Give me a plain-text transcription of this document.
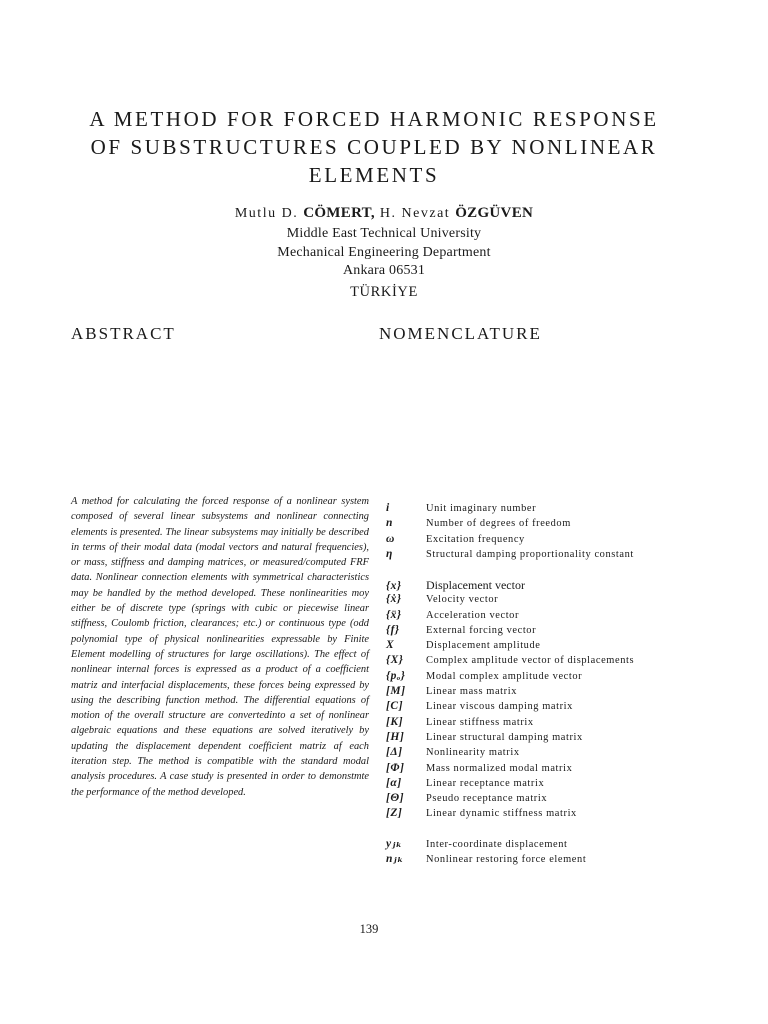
A METHOD FOR FORCED HARMONIC RESPONSE
OF SUBSTRUCTURES COUPLED BY NONLINEAR
ELEMENTS
Mutlu D. CÖMERT, H. Nevzat ÖZGÜVEN
Middle East Technical University
Mechanical Engineering Department
Ankara 06531
TÜRKİYE
ABSTRACT	NOMENCLATURE

A method for calculating the forced response of a nonlinear system composed of several linear subsystems and nonlinear connecting elements is presented. The linear subsystems may initially be described in terms of their modal data (modal vectors and natural frequencies), or mass, stiffness and damping matrices, or measured/computed FRF data. Nonlinear connection elements with symmetrical characteristics may be handled by the method developed. These nonlinearities moy either be of discrete type (springs with cubic or piecewise linear stiffness, Coulomb friction, clearances; etc.) or continuous type (odd polynomial type of physical nonlinearities expressable by Finite Element modelling of structures for large oscillations). The effect of nonlinear internal forces is expressed as a product of a coefficient matriz and interfacial displacements, these forces being expressed by using the describing function method. The differential equations of motion of the overall structure are convertedinto a set of nonlinear algebraic equations and these equations are solved iteratively by updating the displacement dependent coefficient matriz af each iteration step. The method is compatible with the standard modal analysis procedures. A case study is presented in order to demonstmte the performance of the method developed.

i	Unit imaginary number
n	Number of degrees of freedom
ω	Excitation frequency
η	Structural damping proportionality constant
{x}	Displacement vector
{ẋ}	Velocity vector
{ẍ}	Acceleration vector
{f}	External forcing vector
X	Displacement amplitude
{X}	Complex amplitude vector of displacements
{pₒ}	Modal complex amplitude vector
[M]	Linear mass matrix
[C]	Linear viscous damping matrix
[K]	Linear stiffness matrix
[H]	Linear structural damping matrix
[Δ]	Nonlinearity matrix
[Φ]	Mass normalized modal matrix
[α]	Linear receptance matrix
[Θ]	Pseudo receptance matrix
[Z]	Linear dynamic stiffness matrix
yⱼₖ	Inter-coordinate displacement
nⱼₖ	Nonlinear restoring force element
139
